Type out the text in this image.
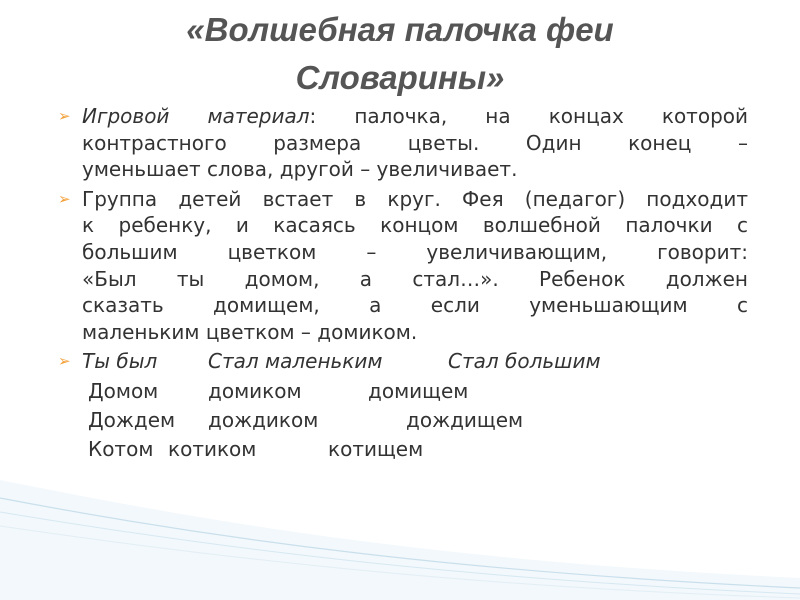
«Волшебная палочка феи
Словарины»
➢ Игровой материал: палочка, на концах которой
контрастного размера цветы. Один конец –
уменьшает слова, другой – увеличивает.
➢ Группа детей встает в круг. Фея (педагог) подходит
к ребенку, и касаясь концом волшебной палочки с
большим цветком – увеличивающим, говорит:
«Был ты домом, а стал…». Ребенок должен
сказать домищем, а если уменьшающим с
маленьким цветком – домиком.
➢ Ты был	Стал маленьким	Стал большим
Домом домиком	домищем
Дождем дождиком	дождищем
Котом котиком	котищем
